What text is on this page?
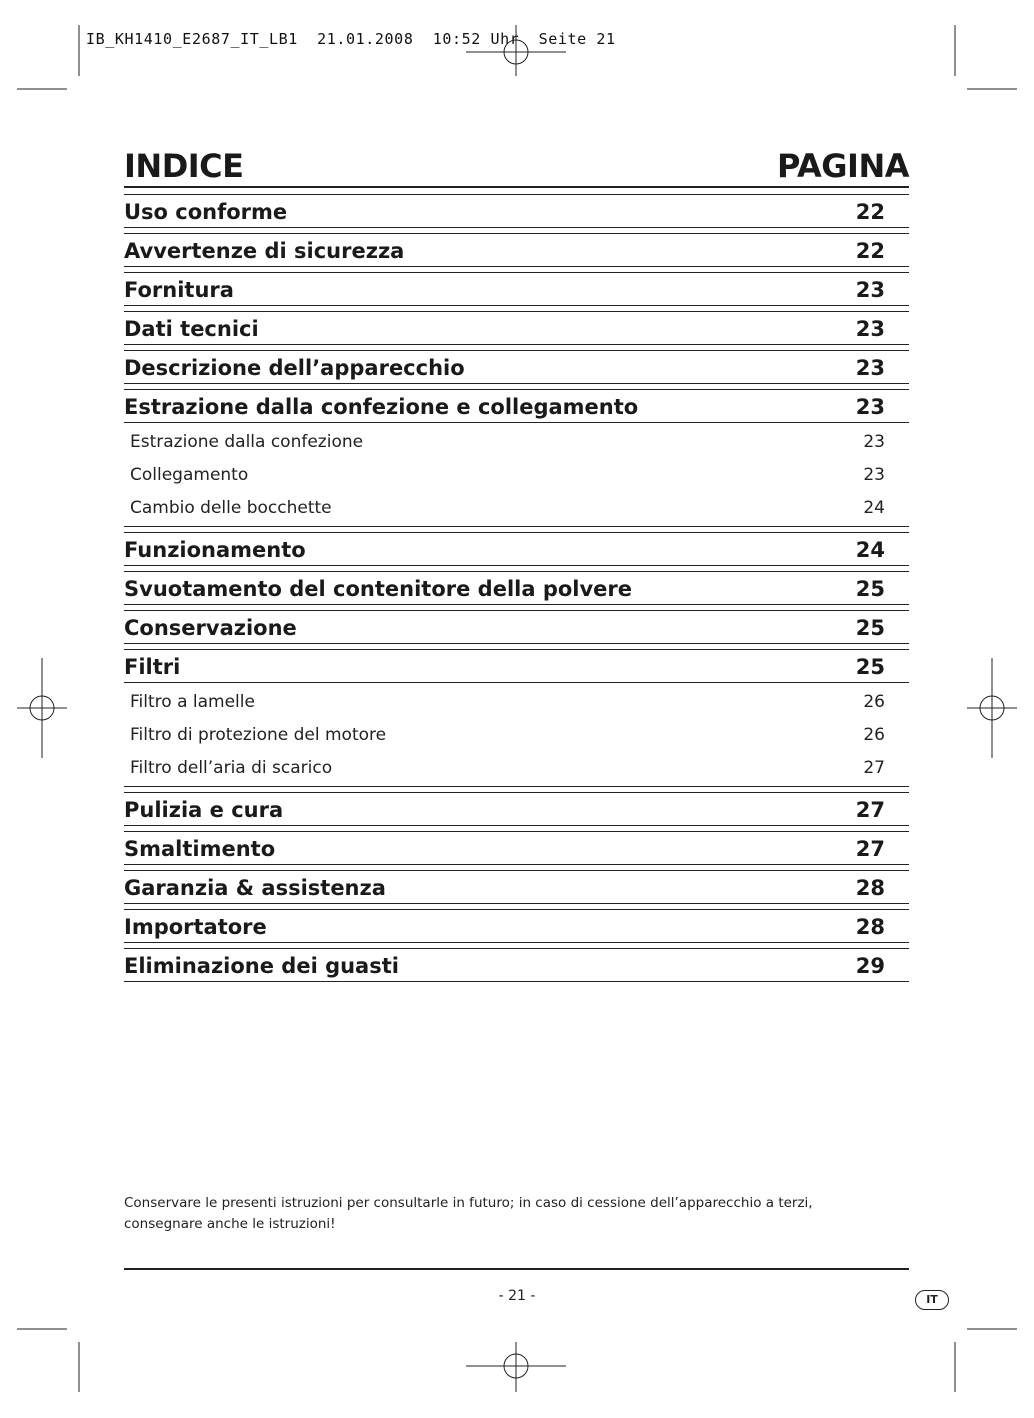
IB_KH1410_E2687_IT_LB1  21.01.2008  10:52 Uhr  Seite 21
INDICE	PAGINA
Uso conforme	22
Avvertenze di sicurezza	22
Fornitura	23
Dati tecnici	23
Descrizione dell’apparecchio	23
Estrazione dalla confezione e collegamento	23
Estrazione dalla confezione	23
Collegamento	23
Cambio delle bocchette	24
Funzionamento	24
Svuotamento del contenitore della polvere	25
Conservazione	25
Filtri	25
Filtro a lamelle	26
Filtro di protezione del motore	26
Filtro dell’aria di scarico	27
Pulizia e cura	27
Smaltimento	27
Garanzia & assistenza	28
Importatore	28
Eliminazione dei guasti	29
Conservare le presenti istruzioni per consultarle in futuro; in caso di cessione dell’apparecchio a terzi,
consegnare anche le istruzioni!
- 21 -	IT
